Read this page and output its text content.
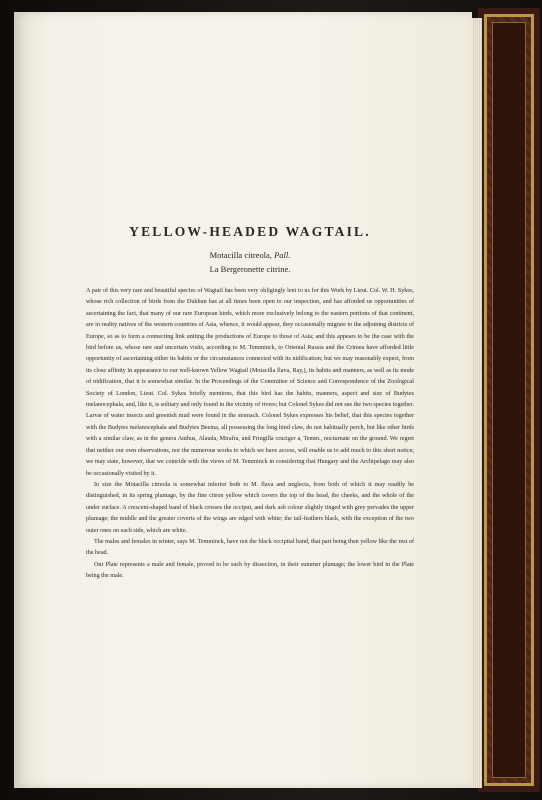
YELLOW-HEADED WAGTAIL.
Motacilla citreola, Pall.
La Bergeronette citrine.

A pair of this very rare and beautiful species of Wagtail has been very obligingly lent to us for this Work by Lieut. Col. W. H. Sykes, whose rich collection of birds from the Dukhun has at all times been open to our inspection, and has afforded us opportunities of ascertaining the fact, that many of our rare European birds, which more exclusively belong to the eastern portions of that continent, are in reality natives of the western countries of Asia, whence, it would appear, they occasionally migrate to the adjoining districts of Europe, so as to form a connecting link uniting the productions of Europe to those of Asia; and this appears to be the case with the bird before us, whose rare and uncertain visits, according to M. Temminck, to Oriental Russia and the Crimea have afforded little opportunity of ascertaining either its habits or the circumstances connected with its nidification; but we may reasonably expect, from its close affinity in appearance to our well-known Yellow Wagtail (Motacilla flava, Ray,), its habits and manners, as well as its mode of nidification, that it is somewhat similar. In the Proceedings of the Committee of Science and Correspondence of the Zoological Society of London, Lieut. Col. Sykes briefly mentions, that this bird has the habits, manners, aspect and size of Budytes melanocephala, and, like it, is solitary and only found in the vicinity of rivers; but Colonel Sykes did not see the two species together. Larvæ of water insects and greenish mud were found in the stomach. Colonel Sykes expresses his belief, that this species together with the Budytes melanocephala and Budytes Beema, all possessing the long hind claw, do not habitually perch, but like other birds with a similar claw, as in the genera Anthus, Alauda, Mirafra, and Fringilla cruciger a, Temm., nocturnate on the ground. We regret that neither our own observations, nor the numerous works to which we have access, will enable us to add much to this short notice; we may state, however, that we coincide with the views of M. Temminck in considering that Hungary and the Archipelago may also be occasionally visited by it.

In size the Motacilla citreola is somewhat inferior both to M. flava and neglecta, from both of which it may readily be distinguished, in its spring plumage, by the fine citron yellow which covers the top of the head, the cheeks, and the whole of the under surface. A crescent-shaped band of black crosses the occiput, and dark ash colour slightly tinged with grey pervades the upper plumage; the middle and the greater coverts of the wings are edged with white; the tail-feathers black, with the exception of the two outer ones on each side, which are white.

The males and females in winter, says M. Temminck, have not the black occipital band, that part being then yellow like the rest of the head.

Our Plate represents a male and female, proved to be such by dissection, in their summer plumage; the lower bird in the Plate being the male.
